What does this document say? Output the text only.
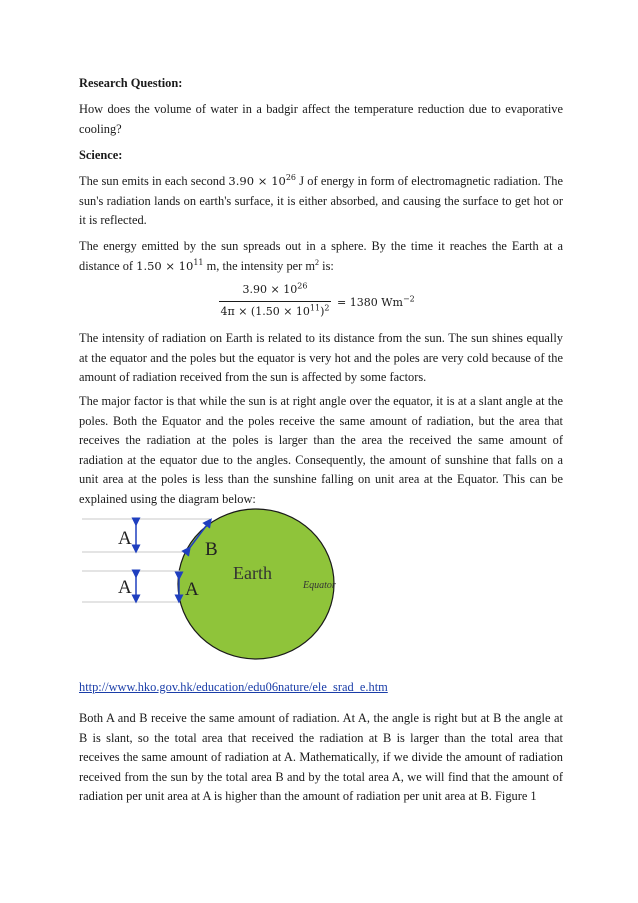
Research Question:
How does the volume of water in a badgir affect the temperature reduction due to evaporative cooling?
Science:
The sun emits in each second $3.90 \times 10^{26}$ J of energy in form of electromagnetic radiation. The sun's radiation lands on earth's surface, it is either absorbed, and causing the surface to get hot or it is reflected.
The energy emitted by the sun spreads out in a sphere. By the time it reaches the Earth at a distance of $1.50 \times 10^{11}$ m, the intensity per $m^2$ is:
$3.90 \times 10^{26}$
$4\pi \times (1.50 \times 10^{11})^2 = 1380$ $Wm^{-2}$
The intensity of radiation on Earth is related to its distance from the sun. The sun shines equally at the equator and the poles but the equator is very hot and the poles are very cold because of the amount of radiation received from the sun is affected by some factors.
The major factor is that while the sun is at right angle over the equator, it is at a slant angle at the poles. Both the Equator and the poles receive the same amount of radiation, but the area that receives the radiation at the poles is larger than the area the received the same amount of radiation at the equator due to the angles. Consequently, the amount of sunshine that falls on a unit area at the poles is less than the sunshine falling on unit area at the Equator. This can be explained using the diagram below:
A
A	A
B
Earth
Equator
http://www.hko.gov.hk/education/edu06nature/ele_srad_e.htm
Both A and B receive the same amount of radiation. At A, the angle is right but at B the angle at B is slant, so the total area that received the radiation at B is larger than the total area that receives the same amount of radiation at A. Mathematically, if we divide the amount of radiation received from the sun by the total area B and by the total area A, we will find that the amount of radiation per unit area at A is higher than the amount of radiation per unit area at B. Figure 1
